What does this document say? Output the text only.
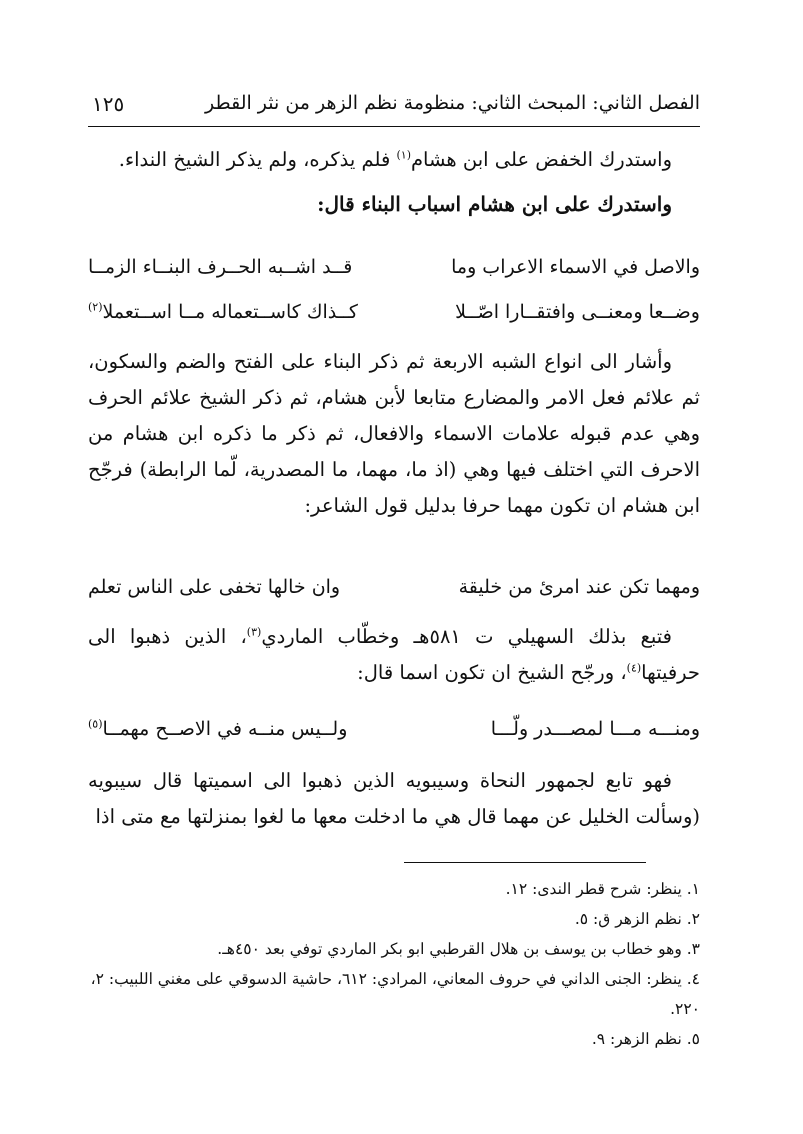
الفصل الثاني: المبحث الثاني: منظومة نظم الزهر من نثر القطر
١٢٥

واستدرك الخفض على ابن هشام$^{(١)}$ فلم يذكره، ولم يذكر الشيخ النداء.

واستدرك على ابن هشام اسباب البناء قال:

والاصل في الاسماء الاعراب وما
قــد اشــبه الحــرف البنــاء الزمــا
وضــعا ومعنــى وافتقــارا اصّــلا
كــذاك كاســتعماله مــا اســتعملا$^{(٢)}$

وأشار الى انواع الشبه الاربعة ثم ذكر البناء على الفتح والضم والسكون، ثم علائم فعل الامر والمضارع متابعا لأبن هشام، ثم ذكر الشيخ علائم الحرف وهي عدم قبوله علامات الاسماء والافعال، ثم ذكر ما ذكره ابن هشام من الاحرف التي اختلف فيها وهي (اذ ما، مهما، ما المصدرية، لّما الرابطة) فرجّح ابن هشام ان تكون مهما حرفا بدليل قول الشاعر:

ومهما تكن عند امرئ من خليقة
وان خالها تخفى على الناس تعلم

فتبع بذلك السهيلي ت ٥٨١هـ وخطّاب الماردي$^{(٣)}$، الذين ذهبوا الى حرفيتها$^{(٤)}$، ورجّح الشيخ ان تكون اسما قال:

ومنـــه مـــا لمصـــدر ولّـــا
ولــيس منــه في الاصــح مهمــا$^{(٥)}$

فهو تابع لجمهور النحاة وسيبويه الذين ذهبوا الى اسميتها قال سيبويه (وسألت الخليل عن مهما قال هي ما ادخلت معها ما لغوا بمنزلتها مع متى اذا

١. ينظر: شرح قطر الندى: ١٢.

٢. نظم الزهر ق: ٥.

٣. وهو خطاب بن يوسف بن هلال القرطبي ابو بكر الماردي توفي بعد ٤٥٠هـ.

٤. ينظر: الجنى الداني في حروف المعاني، المرادي: ٦١٢، حاشية الدسوقي على مغني اللبيب: ٢، ٢٢٠.

٥. نظم الزهر: ٩.
